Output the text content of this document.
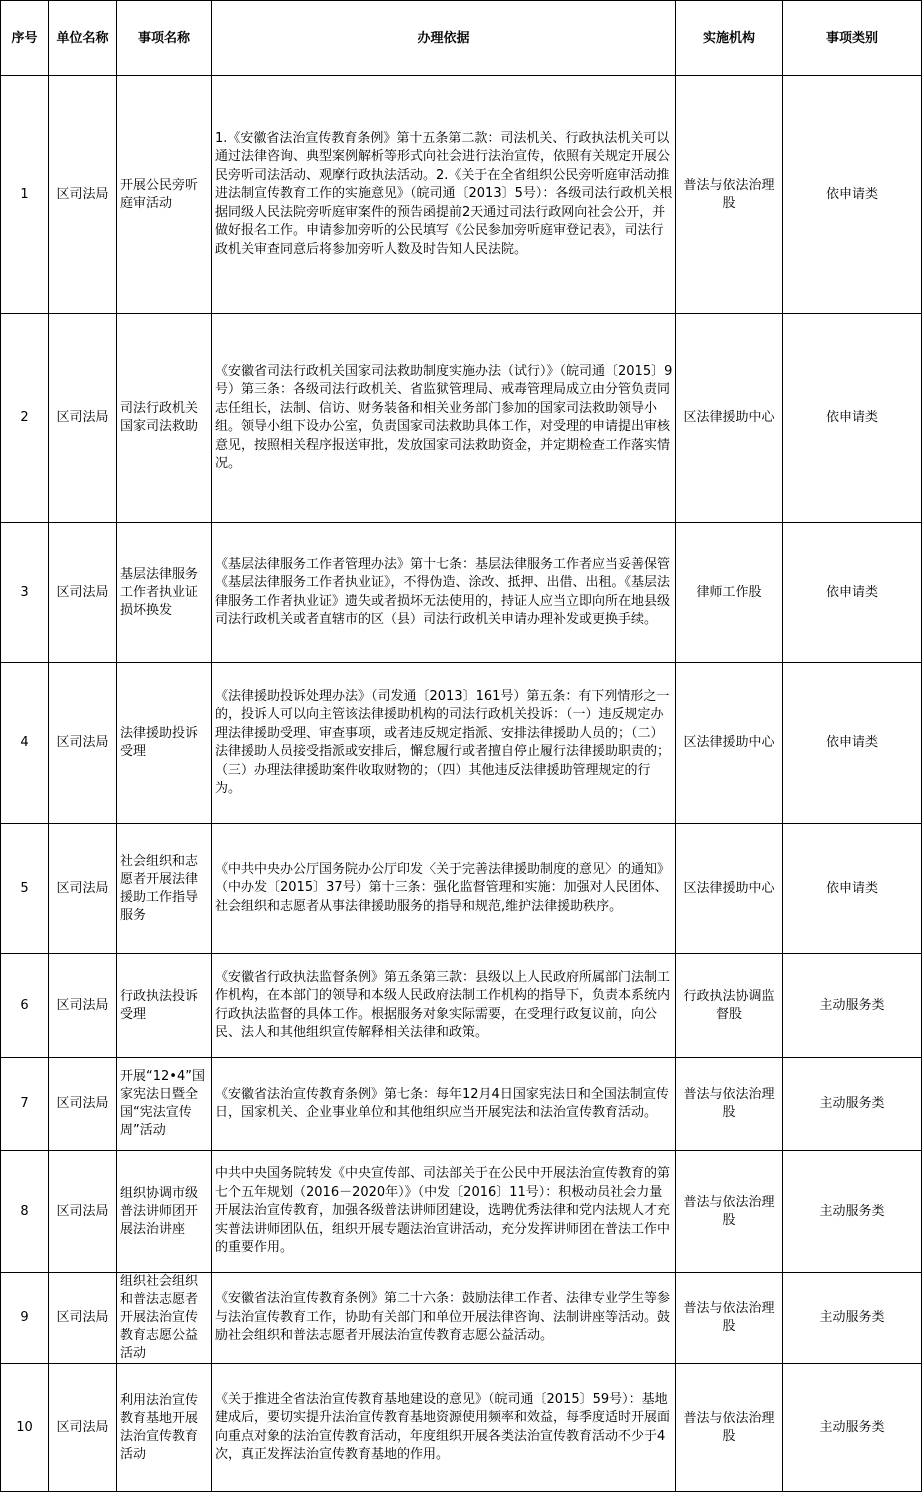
序号	单位名称	事项名称	办理依据	实施机构	事项类别
1	区司法局	开展公民旁听庭审活动	1.《安徽省法治宣传教育条例》第十五条第二款：司法机关、行政执法机关可以通过法律咨询、典型案例解析等形式向社会进行法治宣传，依照有关规定开展公民旁听司法活动、观摩行政执法活动。2.《关于在全省组织公民旁听庭审活动推进法制宣传教育工作的实施意见》（皖司通〔2013〕5号）：各级司法行政机关根据同级人民法院旁听庭审案件的预告函提前2天通过司法行政网向社会公开，并做好报名工作。申请参加旁听的公民填写《公民参加旁听庭审登记表》，司法行政机关审查同意后将参加旁听人数及时告知人民法院。	普法与依法治理股	依申请类
2	区司法局	司法行政机关国家司法救助	《安徽省司法行政机关国家司法救助制度实施办法（试行）》（皖司通〔2015〕9号）第三条：各级司法行政机关、省监狱管理局、戒毒管理局成立由分管负责同志任组长，法制、信访、财务装备和相关业务部门参加的国家司法救助领导小组。领导小组下设办公室，负责国家司法救助具体工作，对受理的申请提出审核意见，按照相关程序报送审批，发放国家司法救助资金，并定期检查工作落实情况。	区法律援助中心	依申请类
3	区司法局	基层法律服务工作者执业证损坏换发	《基层法律服务工作者管理办法》第十七条：基层法律服务工作者应当妥善保管《基层法律服务工作者执业证》，不得伪造、涂改、抵押、出借、出租。《基层法律服务工作者执业证》遗失或者损坏无法使用的，持证人应当立即向所在地县级司法行政机关或者直辖市的区（县）司法行政机关申请办理补发或更换手续。	律师工作股	依申请类
4	区司法局	法律援助投诉受理	《法律援助投诉处理办法》（司发通〔2013〕161号）第五条：有下列情形之一的，投诉人可以向主管该法律援助机构的司法行政机关投诉：（一）违反规定办理法律援助受理、审查事项，或者违反规定指派、安排法律援助人员的；（二）法律援助人员接受指派或安排后，懈怠履行或者擅自停止履行法律援助职责的；（三）办理法律援助案件收取财物的；（四）其他违反法律援助管理规定的行为。	区法律援助中心	依申请类
5	区司法局	社会组织和志愿者开展法律援助工作指导服务	《中共中央办公厅国务院办公厅印发〈关于完善法律援助制度的意见〉的通知》（中办发〔2015〕37号）第十三条：强化监督管理和实施：加强对人民团体、社会组织和志愿者从事法律援助服务的指导和规范,维护法律援助秩序。	区法律援助中心	依申请类
6	区司法局	行政执法投诉受理	《安徽省行政执法监督条例》第五条第三款：县级以上人民政府所属部门法制工作机构，在本部门的领导和本级人民政府法制工作机构的指导下，负责本系统内行政执法监督的具体工作。根据服务对象实际需要，在受理行政复议前，向公民、法人和其他组织宣传解释相关法律和政策。	行政执法协调监督股	主动服务类
7	区司法局	开展“12•4”国家宪法日暨全国“宪法宣传周”活动	《安徽省法治宣传教育条例》第七条：每年12月4日国家宪法日和全国法制宣传日，国家机关、企业事业单位和其他组织应当开展宪法和法治宣传教育活动。	普法与依法治理股	主动服务类
8	区司法局	组织协调市级普法讲师团开展法治讲座	中共中央国务院转发《中央宣传部、司法部关于在公民中开展法治宣传教育的第七个五年规划（2016－2020年）》（中发〔2016〕11号）：积极动员社会力量开展法治宣传教育，加强各级普法讲师团建设，选聘优秀法律和党内法规人才充实普法讲师团队伍，组织开展专题法治宣讲活动，充分发挥讲师团在普法工作中的重要作用。	普法与依法治理股	主动服务类
9	区司法局	组织社会组织和普法志愿者开展法治宣传教育志愿公益活动	《安徽省法治宣传教育条例》第二十六条：鼓励法律工作者、法律专业学生等参与法治宣传教育工作，协助有关部门和单位开展法律咨询、法制讲座等活动。鼓励社会组织和普法志愿者开展法治宣传教育志愿公益活动。	普法与依法治理股	主动服务类
10	区司法局	利用法治宣传教育基地开展法治宣传教育活动	《关于推进全省法治宣传教育基地建设的意见》（皖司通〔2015〕59号）：基地建成后，要切实提升法治宣传教育基地资源使用频率和效益，每季度适时开展面向重点对象的法治宣传教育活动，年度组织开展各类法治宣传教育活动不少于4次，真正发挥法治宣传教育基地的作用。	普法与依法治理股	主动服务类
